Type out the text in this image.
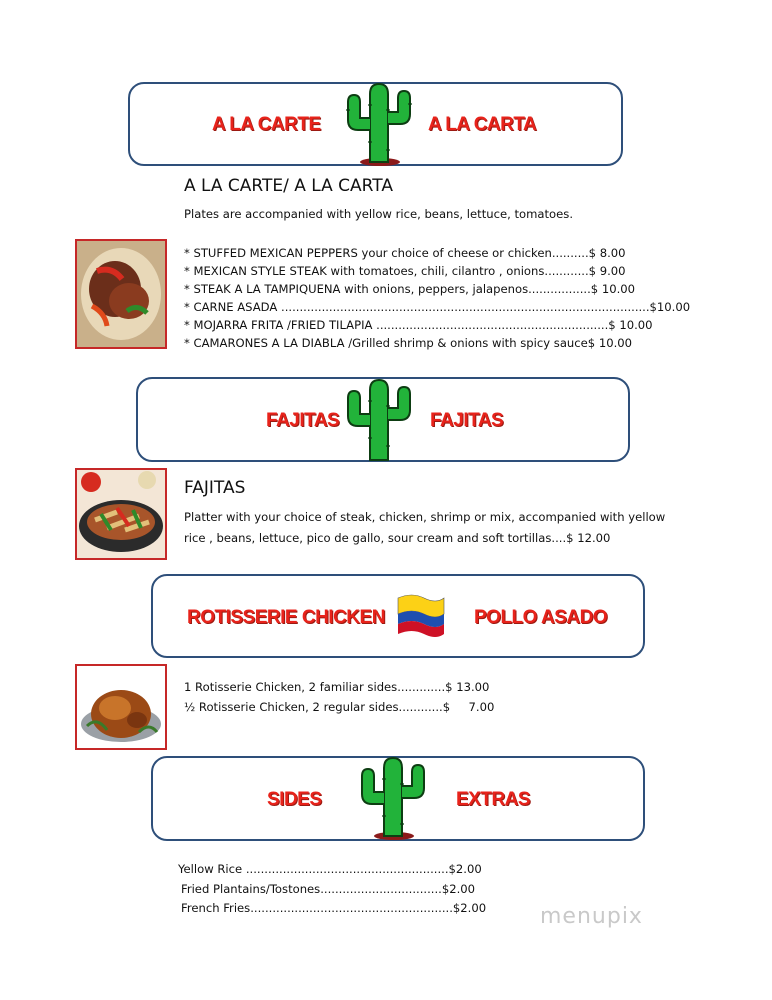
A LA CARTE	A LA CARTA
A LA CARTE/ A LA CARTA
Plates are accompanied with yellow rice, beans, lettuce, tomatoes.
* STUFFED MEXICAN PEPPERS your choice of cheese or chicken..........$ 8.00
* MEXICAN STYLE STEAK with tomatoes, chili, cilantro , onions............$ 9.00
* STEAK A LA TAMPIQUENA with onions, peppers, jalapenos.................$ 10.00
* CARNE ASADA ....................................................................................................$10.00
* MOJARRA FRITA /FRIED TILAPIA ...............................................................$ 10.00
* CAMARONES A LA DIABLA /Grilled shrimp & onions with spicy sauce$ 10.00
FAJITAS	FAJITAS
FAJITAS
Platter with your choice of steak, chicken, shrimp or mix, accompanied with yellow
rice , beans, lettuce, pico de gallo, sour cream and soft tortillas....$ 12.00
ROTISSERIE CHICKEN	POLLO ASADO
1 Rotisserie Chicken, 2 familiar sides.............$ 13.00
½ Rotisserie Chicken, 2 regular sides............$     7.00
SIDES	EXTRAS
Yellow Rice .......................................................$2.00
Fried Plantains/Tostones.................................$2.00
French Fries.......................................................$2.00 menupix
